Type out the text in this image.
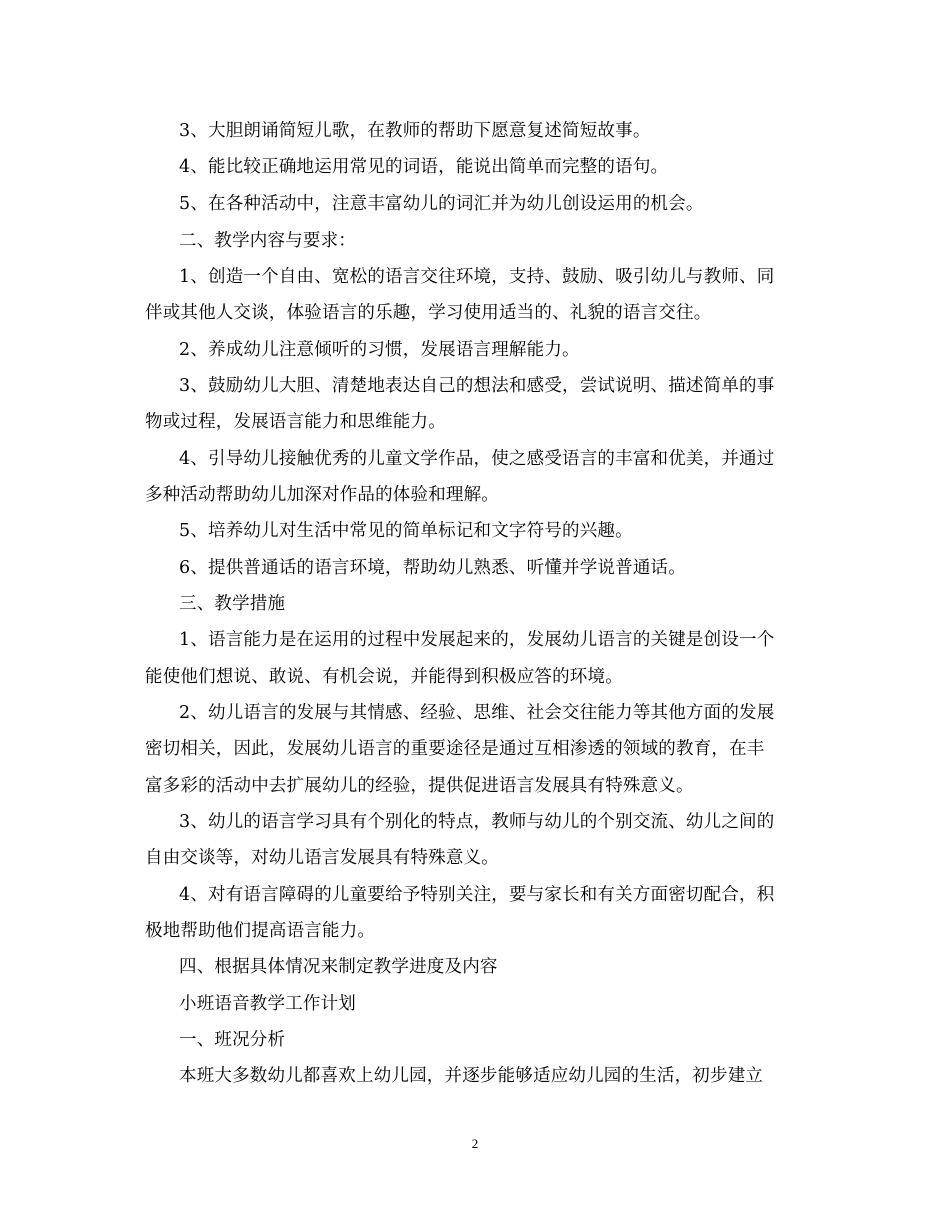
3、大胆朗诵简短儿歌，在教师的帮助下愿意复述简短故事。
4、能比较正确地运用常见的词语，能说出简单而完整的语句。
5、在各种活动中，注意丰富幼儿的词汇并为幼儿创设运用的机会。
二、教学内容与要求：
1、创造一个自由、宽松的语言交往环境，支持、鼓励、吸引幼儿与教师、同
伴或其他人交谈，体验语言的乐趣，学习使用适当的、礼貌的语言交往。
2、养成幼儿注意倾听的习惯，发展语言理解能力。
3、鼓励幼儿大胆、清楚地表达自己的想法和感受，尝试说明、描述简单的事
物或过程，发展语言能力和思维能力。
4、引导幼儿接触优秀的儿童文学作品，使之感受语言的丰富和优美，并通过
多种活动帮助幼儿加深对作品的体验和理解。
5、培养幼儿对生活中常见的简单标记和文字符号的兴趣。
6、提供普通话的语言环境，帮助幼儿熟悉、听懂并学说普通话。
三、教学措施
1、语言能力是在运用的过程中发展起来的，发展幼儿语言的关键是创设一个
能使他们想说、敢说、有机会说，并能得到积极应答的环境。
2、幼儿语言的发展与其情感、经验、思维、社会交往能力等其他方面的发展
密切相关，因此，发展幼儿语言的重要途径是通过互相渗透的领域的教育，在丰
富多彩的活动中去扩展幼儿的经验，提供促进语言发展具有特殊意义。
3、幼儿的语言学习具有个别化的特点，教师与幼儿的个别交流、幼儿之间的
自由交谈等，对幼儿语言发展具有特殊意义。
4、对有语言障碍的儿童要给予特别关注，要与家长和有关方面密切配合，积
极地帮助他们提高语言能力。
四、根据具体情况来制定教学进度及内容
小班语音教学工作计划
一、班况分析
本班大多数幼儿都喜欢上幼儿园，并逐步能够适应幼儿园的生活，初步建立
2
